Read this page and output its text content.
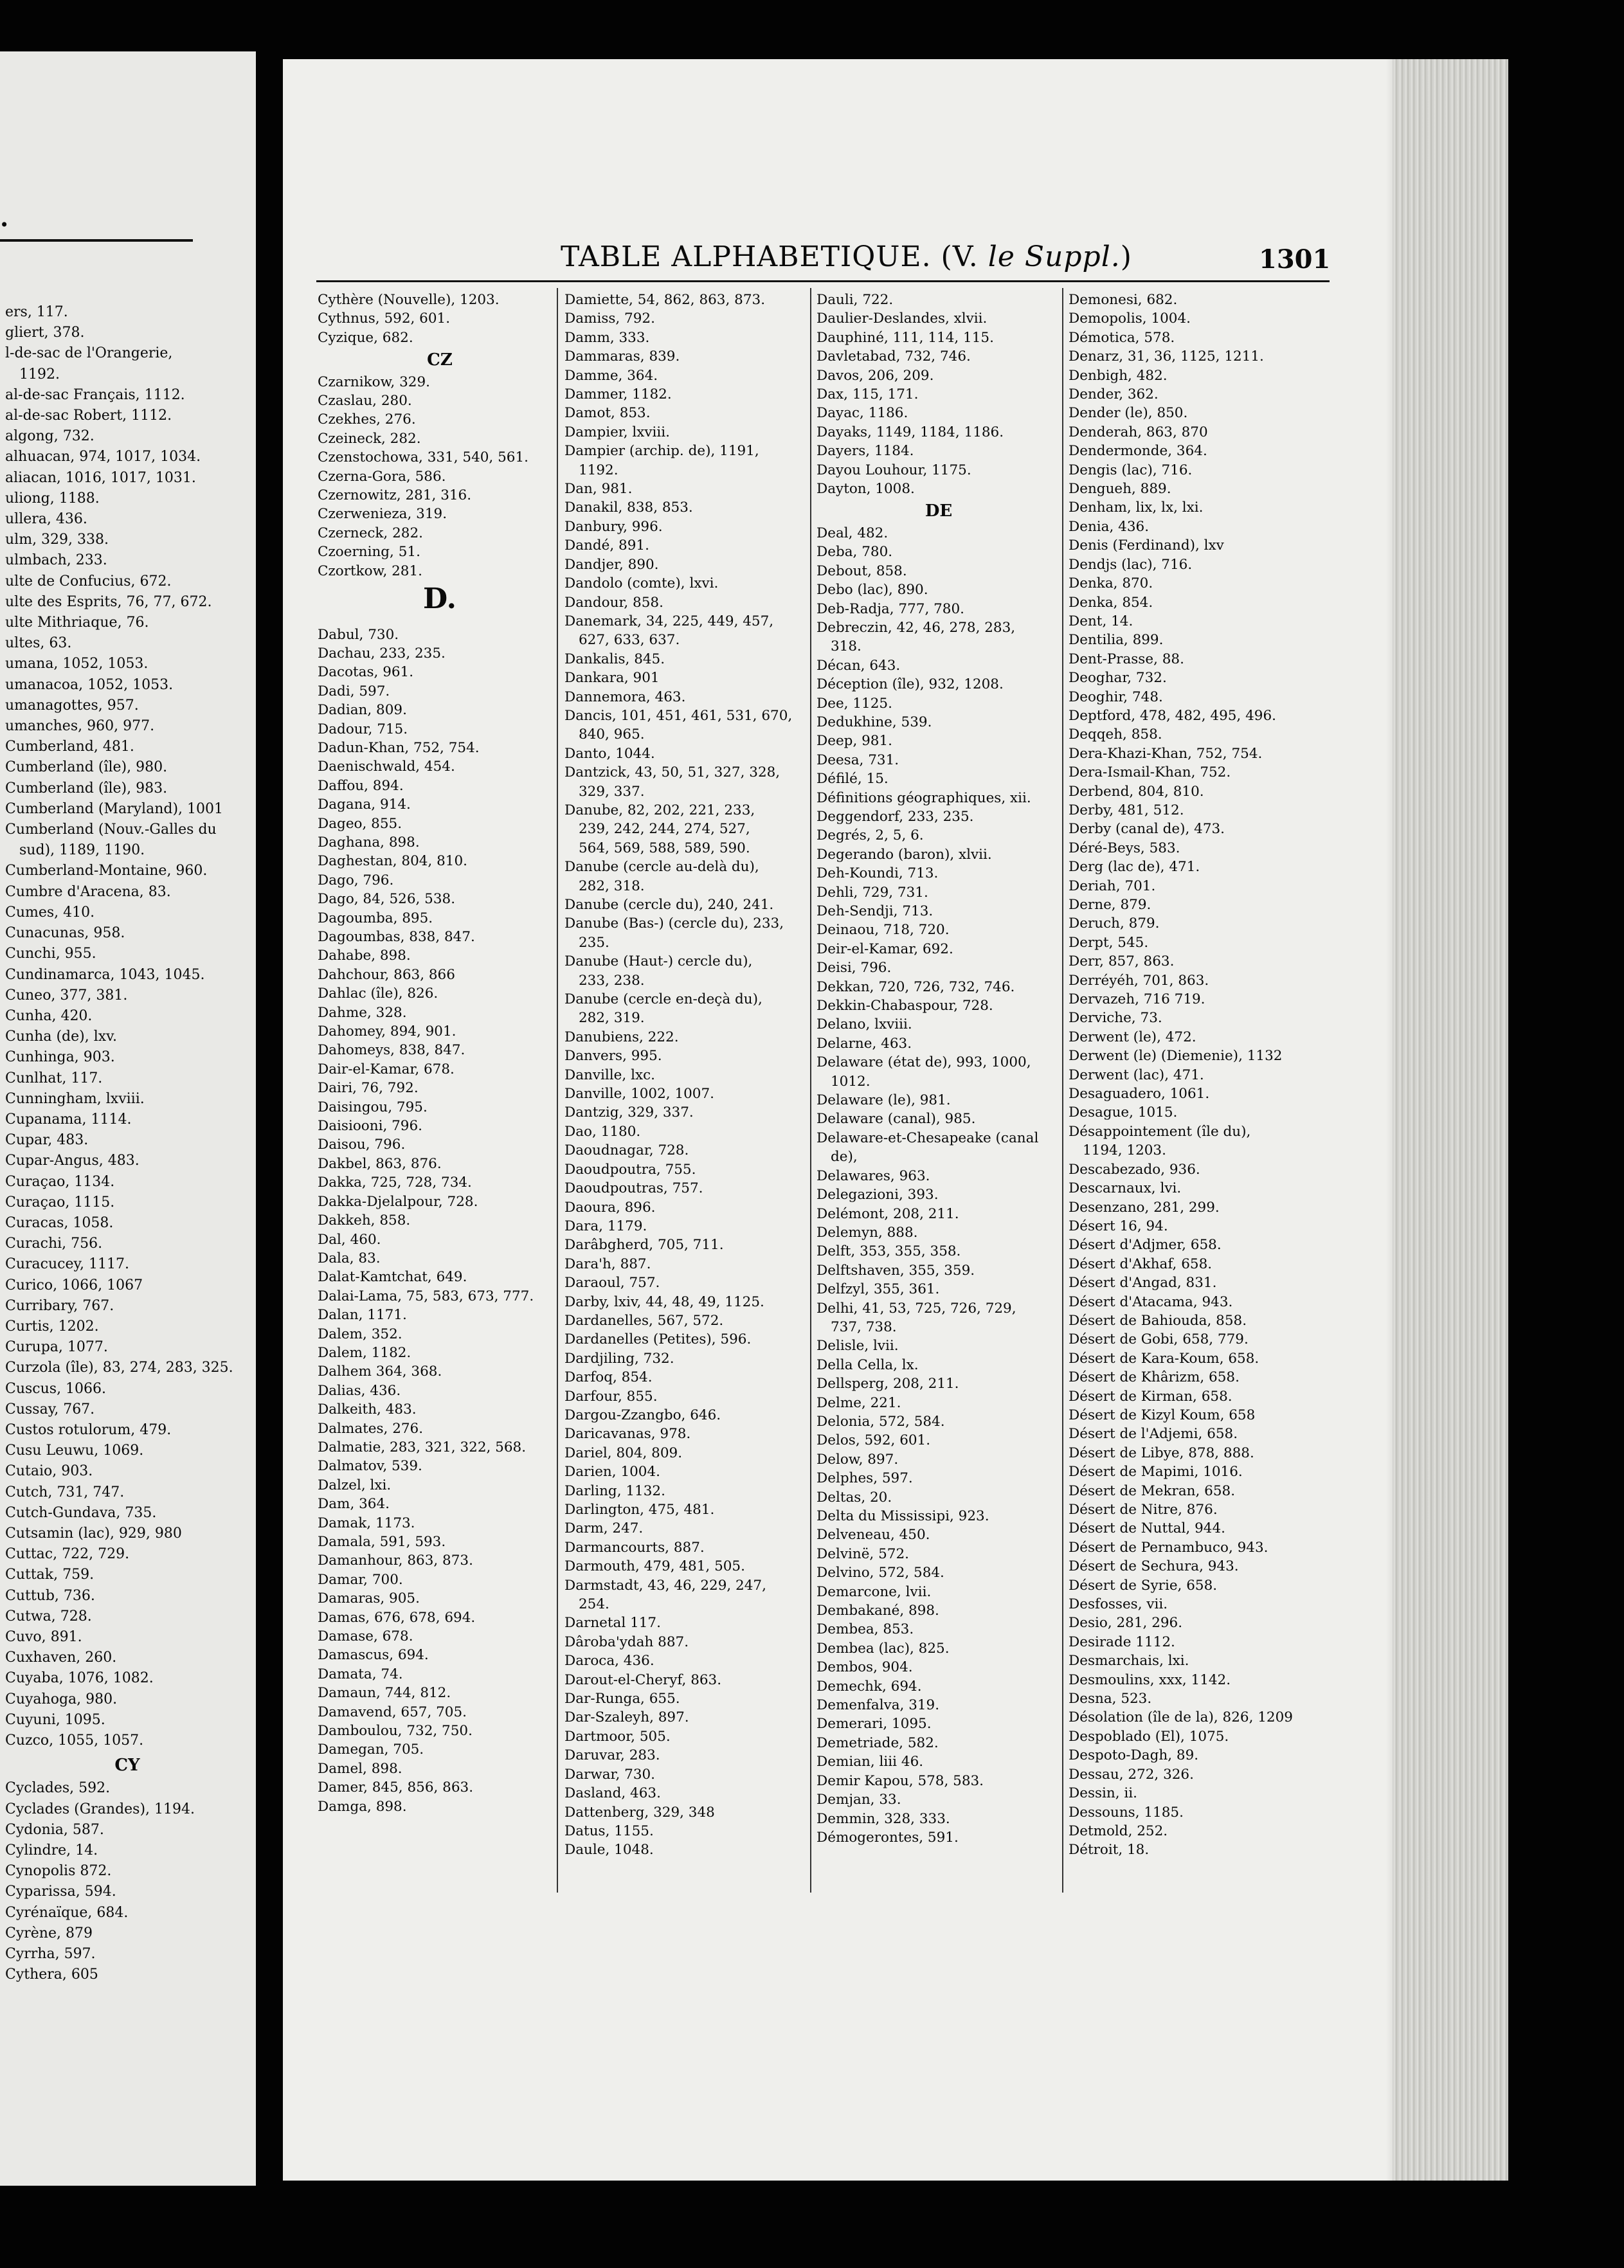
.
ers, 117.
gliert, 378.
l-de-sac de l'Orangerie,
1192.
al-de-sac Français, 1112.
al-de-sac Robert, 1112.
algong, 732.
alhuacan, 974, 1017, 1034.
aliacan, 1016, 1017, 1031.
uliong, 1188.
ullera, 436.
ulm, 329, 338.
ulmbach, 233.
ulte de Confucius, 672.
ulte des Esprits, 76, 77, 672.
ulte Mithriaque, 76.
ultes, 63.
umana, 1052, 1053.
umanacoa, 1052, 1053.
umanagottes, 957.
umanches, 960, 977.
Cumberland, 481.
Cumberland (île), 980.
Cumberland (île), 983.
Cumberland (Maryland), 1001
Cumberland (Nouv.-Galles du
sud), 1189, 1190.
Cumberland-Montaine, 960.
Cumbre d'Aracena, 83.
Cumes, 410.
Cunacunas, 958.
Cunchi, 955.
Cundinamarca, 1043, 1045.
Cuneo, 377, 381.
Cunha, 420.
Cunha (de), lxv.
Cunhinga, 903.
Cunlhat, 117.
Cunningham, lxviii.
Cupanama, 1114.
Cupar, 483.
Cupar-Angus, 483.
Curaçao, 1134.
Curaçao, 1115.
Curacas, 1058.
Curachi, 756.
Curacucey, 1117.
Curico, 1066, 1067
Curribary, 767.
Curtis, 1202.
Curupa, 1077.
Curzola (île), 83, 274, 283, 325.
Cuscus, 1066.
Cussay, 767.
Custos rotulorum, 479.
Cusu Leuwu, 1069.
Cutaio, 903.
Cutch, 731, 747.
Cutch-Gundava, 735.
Cutsamin (lac), 929, 980
Cuttac, 722, 729.
Cuttak, 759.
Cuttub, 736.
Cutwa, 728.
Cuvo, 891.
Cuxhaven, 260.
Cuyaba, 1076, 1082.
Cuyahoga, 980.
Cuyuni, 1095.
Cuzco, 1055, 1057.
CY
Cyclades, 592.
Cyclades (Grandes), 1194.
Cydonia, 587.
Cylindre, 14.
Cynopolis 872.
Cyparissa, 594.
Cyrénaïque, 684.
Cyrène, 879
Cyrrha, 597.
Cythera, 605
TABLE ALPHABETIQUE. (V. le Suppl.)	1301
Cythère (Nouvelle), 1203.
Cythnus, 592, 601.
Cyzique, 682.
CZ
Czarnikow, 329.
Czaslau, 280.
Czekhes, 276.
Czeineck, 282.
Czenstochowa, 331, 540, 561.
Czerna-Gora, 586.
Czernowitz, 281, 316.
Czerwenieza, 319.
Czerneck, 282.
Czoerning, 51.
Czortkow, 281.
D.
Dabul, 730.
Dachau, 233, 235.
Dacotas, 961.
Dadi, 597.
Dadian, 809.
Dadour, 715.
Dadun-Khan, 752, 754.
Daenischwald, 454.
Daffou, 894.
Dagana, 914.
Dageo, 855.
Daghana, 898.
Daghestan, 804, 810.
Dago, 796.
Dago, 84, 526, 538.
Dagoumba, 895.
Dagoumbas, 838, 847.
Dahabe, 898.
Dahchour, 863, 866
Dahlac (île), 826.
Dahme, 328.
Dahomey, 894, 901.
Dahomeys, 838, 847.
Dair-el-Kamar, 678.
Dairi, 76, 792.
Daisingou, 795.
Daisiooni, 796.
Daisou, 796.
Dakbel, 863, 876.
Dakka, 725, 728, 734.
Dakka-Djelalpour, 728.
Dakkeh, 858.
Dal, 460.
Dala, 83.
Dalat-Kamtchat, 649.
Dalai-Lama, 75, 583, 673, 777.
Dalan, 1171.
Dalem, 352.
Dalem, 1182.
Dalhem 364, 368.
Dalias, 436.
Dalkeith, 483.
Dalmates, 276.
Dalmatie, 283, 321, 322, 568.
Dalmatov, 539.
Dalzel, lxi.
Dam, 364.
Damak, 1173.
Damala, 591, 593.
Damanhour, 863, 873.
Damar, 700.
Damaras, 905.
Damas, 676, 678, 694.
Damase, 678.
Damascus, 694.
Damata, 74.
Damaun, 744, 812.
Damavend, 657, 705.
Damboulou, 732, 750.
Damegan, 705.
Damel, 898.
Damer, 845, 856, 863.
Damga, 898.
Damiette, 54, 862, 863, 873.
Damiss, 792.
Damm, 333.
Dammaras, 839.
Damme, 364.
Dammer, 1182.
Damot, 853.
Dampier, lxviii.
Dampier (archip. de), 1191,
1192.
Dan, 981.
Danakil, 838, 853.
Danbury, 996.
Dandé, 891.
Dandjer, 890.
Dandolo (comte), lxvi.
Dandour, 858.
Danemark, 34, 225, 449, 457,
627, 633, 637.
Dankalis, 845.
Dankara, 901
Dannemora, 463.
Dancis, 101, 451, 461, 531, 670,
840, 965.
Danto, 1044.
Dantzick, 43, 50, 51, 327, 328,
329, 337.
Danube, 82, 202, 221, 233,
239, 242, 244, 274, 527,
564, 569, 588, 589, 590.
Danube (cercle au-delà du),
282, 318.
Danube (cercle du), 240, 241.
Danube (Bas-) (cercle du), 233,
235.
Danube (Haut-) cercle du),
233, 238.
Danube (cercle en-deçà du),
282, 319.
Danubiens, 222.
Danvers, 995.
Danville, lxc.
Danville, 1002, 1007.
Dantzig, 329, 337.
Dao, 1180.
Daoudnagar, 728.
Daoudpoutra, 755.
Daoudpoutras, 757.
Daoura, 896.
Dara, 1179.
Darâbgherd, 705, 711.
Dara'h, 887.
Daraoul, 757.
Darby, lxiv, 44, 48, 49, 1125.
Dardanelles, 567, 572.
Dardanelles (Petites), 596.
Dardjiling, 732.
Darfoq, 854.
Darfour, 855.
Dargou-Zzangbo, 646.
Daricavanas, 978.
Dariel, 804, 809.
Darien, 1004.
Darling, 1132.
Darlington, 475, 481.
Darm, 247.
Darmancourts, 887.
Darmouth, 479, 481, 505.
Darmstadt, 43, 46, 229, 247,
254.
Darnetal 117.
Dâroba'ydah 887.
Daroca, 436.
Darout-el-Cheryf, 863.
Dar-Runga, 655.
Dar-Szaleyh, 897.
Dartmoor, 505.
Daruvar, 283.
Darwar, 730.
Dasland, 463.
Dattenberg, 329, 348
Datus, 1155.
Daule, 1048.
Dauli, 722.
Daulier-Deslandes, xlvii.
Dauphiné, 111, 114, 115.
Davletabad, 732, 746.
Davos, 206, 209.
Dax, 115, 171.
Dayac, 1186.
Dayaks, 1149, 1184, 1186.
Dayers, 1184.
Dayou Louhour, 1175.
Dayton, 1008.
DE
Deal, 482.
Deba, 780.
Debout, 858.
Debo (lac), 890.
Deb-Radja, 777, 780.
Debreczin, 42, 46, 278, 283,
318.
Décan, 643.
Déception (île), 932, 1208.
Dee, 1125.
Dedukhine, 539.
Deep, 981.
Deesa, 731.
Défilé, 15.
Définitions géographiques, xii.
Deggendorf, 233, 235.
Degrés, 2, 5, 6.
Degerando (baron), xlvii.
Deh-Koundi, 713.
Dehli, 729, 731.
Deh-Sendji, 713.
Deinaou, 718, 720.
Deir-el-Kamar, 692.
Deisi, 796.
Dekkan, 720, 726, 732, 746.
Dekkin-Chabaspour, 728.
Delano, lxviii.
Delarne, 463.
Delaware (état de), 993, 1000,
1012.
Delaware (le), 981.
Delaware (canal), 985.
Delaware-et-Chesapeake (canal
de),
Delawares, 963.
Delegazioni, 393.
Delémont, 208, 211.
Delemyn, 888.
Delft, 353, 355, 358.
Delftshaven, 355, 359.
Delfzyl, 355, 361.
Delhi, 41, 53, 725, 726, 729,
737, 738.
Delisle, lvii.
Della Cella, lx.
Dellsperg, 208, 211.
Delme, 221.
Delonia, 572, 584.
Delos, 592, 601.
Delow, 897.
Delphes, 597.
Deltas, 20.
Delta du Mississipi, 923.
Delveneau, 450.
Delvinë, 572.
Delvino, 572, 584.
Demarcone, lvii.
Dembakané, 898.
Dembea, 853.
Dembea (lac), 825.
Dembos, 904.
Demechk, 694.
Demenfalva, 319.
Demerari, 1095.
Demetriade, 582.
Demian, liii 46.
Demir Kapou, 578, 583.
Demjan, 33.
Demmin, 328, 333.
Démogerontes, 591.
Demonesi, 682.
Demopolis, 1004.
Démotica, 578.
Denarz, 31, 36, 1125, 1211.
Denbigh, 482.
Dender, 362.
Dender (le), 850.
Denderah, 863, 870
Dendermonde, 364.
Dengis (lac), 716.
Dengueh, 889.
Denham, lix, lx, lxi.
Denia, 436.
Denis (Ferdinand), lxv
Dendjs (lac), 716.
Denka, 870.
Denka, 854.
Dent, 14.
Dentilia, 899.
Dent-Prasse, 88.
Deoghar, 732.
Deoghir, 748.
Deptford, 478, 482, 495, 496.
Deqqeh, 858.
Dera-Khazi-Khan, 752, 754.
Dera-Ismail-Khan, 752.
Derbend, 804, 810.
Derby, 481, 512.
Derby (canal de), 473.
Déré-Beys, 583.
Derg (lac de), 471.
Deriah, 701.
Derne, 879.
Deruch, 879.
Derpt, 545.
Derr, 857, 863.
Derréyéh, 701, 863.
Dervazeh, 716 719.
Derviche, 73.
Derwent (le), 472.
Derwent (le) (Diemenie), 1132
Derwent (lac), 471.
Desaguadero, 1061.
Desague, 1015.
Désappointement (île du),
1194, 1203.
Descabezado, 936.
Descarnaux, lvi.
Desenzano, 281, 299.
Désert 16, 94.
Désert d'Adjmer, 658.
Désert d'Akhaf, 658.
Désert d'Angad, 831.
Désert d'Atacama, 943.
Désert de Bahiouda, 858.
Désert de Gobi, 658, 779.
Désert de Kara-Koum, 658.
Désert de Khârizm, 658.
Désert de Kirman, 658.
Désert de Kizyl Koum, 658
Désert de l'Adjemi, 658.
Désert de Libye, 878, 888.
Désert de Mapimi, 1016.
Désert de Mekran, 658.
Désert de Nitre, 876.
Désert de Nuttal, 944.
Désert de Pernambuco, 943.
Désert de Sechura, 943.
Désert de Syrie, 658.
Desfosses, vii.
Desio, 281, 296.
Desirade 1112.
Desmarchais, lxi.
Desmoulins, xxx, 1142.
Desna, 523.
Désolation (île de la), 826, 1209
Despoblado (El), 1075.
Despoto-Dagh, 89.
Dessau, 272, 326.
Dessin, ii.
Dessouns, 1185.
Detmold, 252.
Détroit, 18.
